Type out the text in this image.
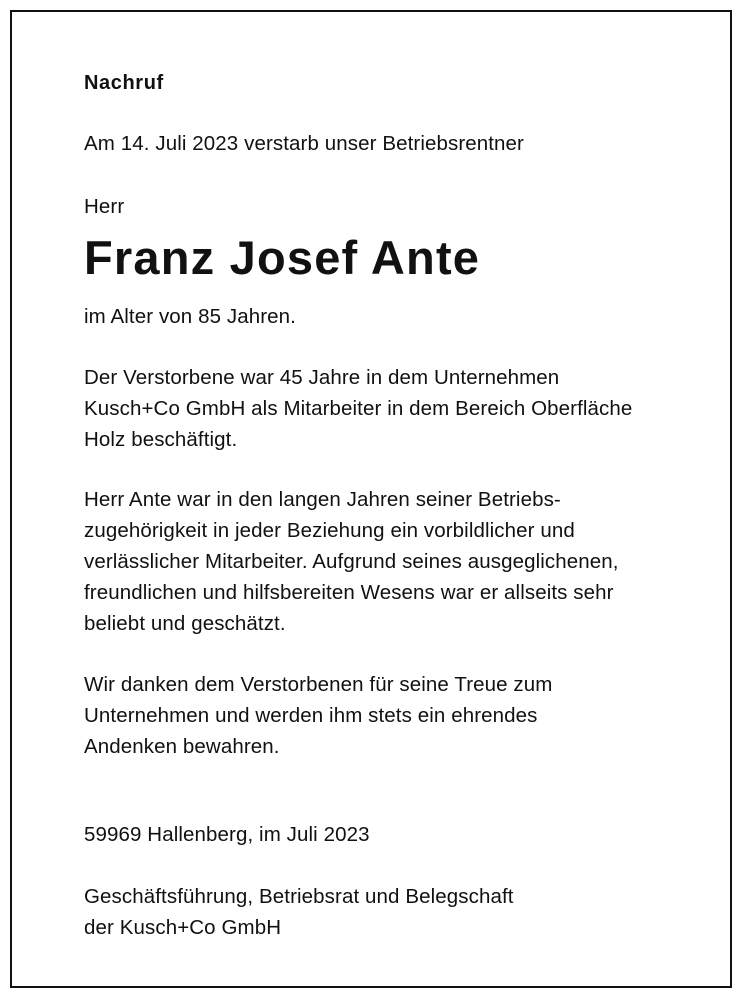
Nachruf
Am 14. Juli 2023 verstarb unser Betriebsrentner
Herr
Franz Josef Ante
im Alter von 85 Jahren.
Der Verstorbene war 45 Jahre in dem Unternehmen
Kusch+Co GmbH als Mitarbeiter in dem Bereich Oberfläche
Holz beschäftigt.
Herr Ante war in den langen Jahren seiner Betriebs-
zugehörigkeit in jeder Beziehung ein vorbildlicher und
verlässlicher Mitarbeiter. Aufgrund seines ausgeglichenen,
freundlichen und hilfsbereiten Wesens war er allseits sehr
beliebt und geschätzt.
Wir danken dem Verstorbenen für seine Treue zum
Unternehmen und werden ihm stets ein ehrendes
Andenken bewahren.
59969 Hallenberg, im Juli 2023
Geschäftsführung, Betriebsrat und Belegschaft
der Kusch+Co GmbH
